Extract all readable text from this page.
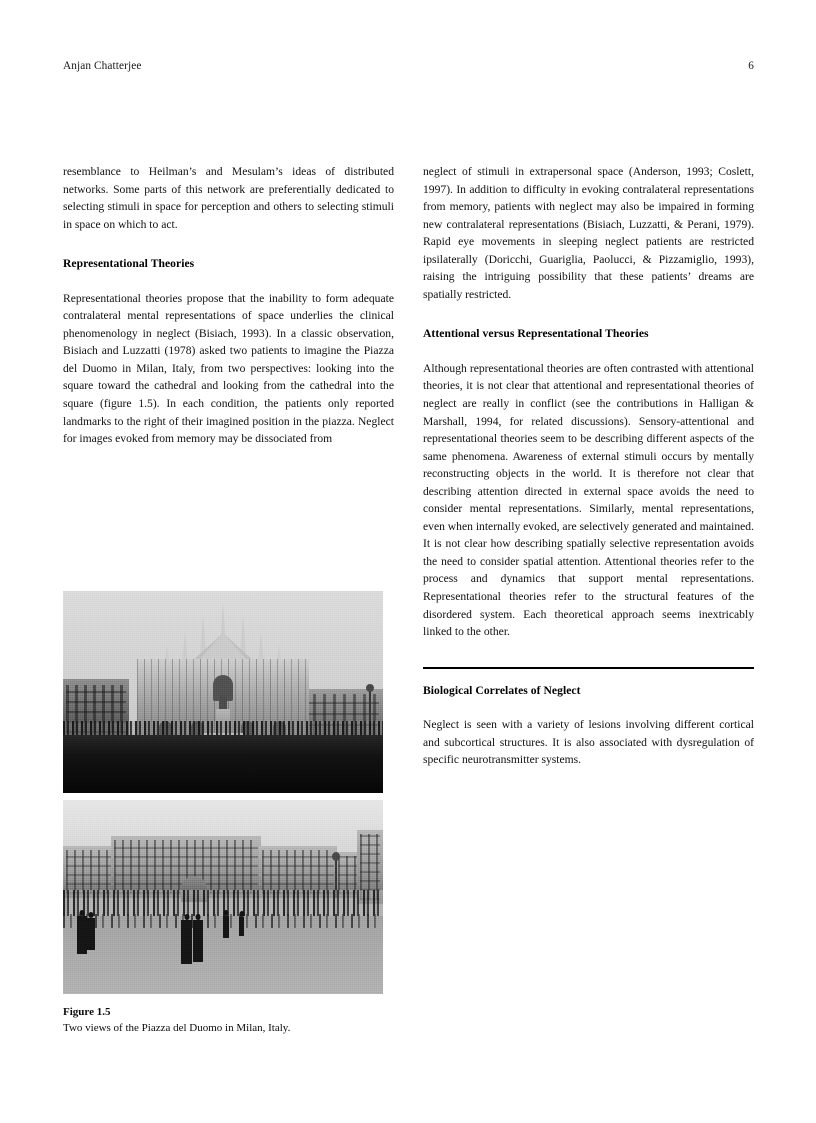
Anjan Chatterjee	6

resemblance to Heilman’s and Mesulam’s ideas of distributed networks. Some parts of this network are preferentially dedicated to selecting stimuli in space for perception and others to selecting stimuli in space on which to act.

Representational Theories

Representational theories propose that the inability to form adequate contralateral mental representations of space underlies the clinical phenomenology in neglect (Bisiach, 1993). In a classic observation, Bisiach and Luzzatti (1978) asked two patients to imagine the Piazza del Duomo in Milan, Italy, from two perspectives: looking into the square toward the cathedral and looking from the cathedral into the square (figure 1.5). In each condition, the patients only reported landmarks to the right of their imagined position in the piazza. Neglect for images evoked from memory may be dissociated from

neglect of stimuli in extrapersonal space (Anderson, 1993; Coslett, 1997). In addition to difficulty in evoking contralateral representations from memory, patients with neglect may also be impaired in forming new contralateral representations (Bisiach, Luzzatti, & Perani, 1979). Rapid eye movements in sleeping neglect patients are restricted ipsilaterally (Doricchi, Guariglia, Paolucci, & Pizzamiglio, 1993), raising the intriguing possibility that these patients’ dreams are spatially restricted.

Attentional versus Representational Theories

Although representational theories are often contrasted with attentional theories, it is not clear that attentional and representational theories of neglect are really in conflict (see the contributions in Halligan & Marshall, 1994, for related discussions). Sensory-attentional and representational theories seem to be describing different aspects of the same phenomena. Awareness of external stimuli occurs by mentally reconstructing objects in the world. It is therefore not clear that describing attention directed in external space avoids the need to consider mental representations. Similarly, mental representations, even when internally evoked, are selectively generated and maintained. It is not clear how describing spatially selective representation avoids the need to consider spatial attention. Attentional theories refer to the process and dynamics that support mental representations. Representational theories refer to the structural features of the disordered system. Each theoretical approach seems inextricably linked to the other.

Biological Correlates of Neglect

Neglect is seen with a variety of lesions involving different cortical and subcortical structures. It is also associated with dysregulation of specific neurotransmitter systems.

Figure 1.5
Two views of the Piazza del Duomo in Milan, Italy.
